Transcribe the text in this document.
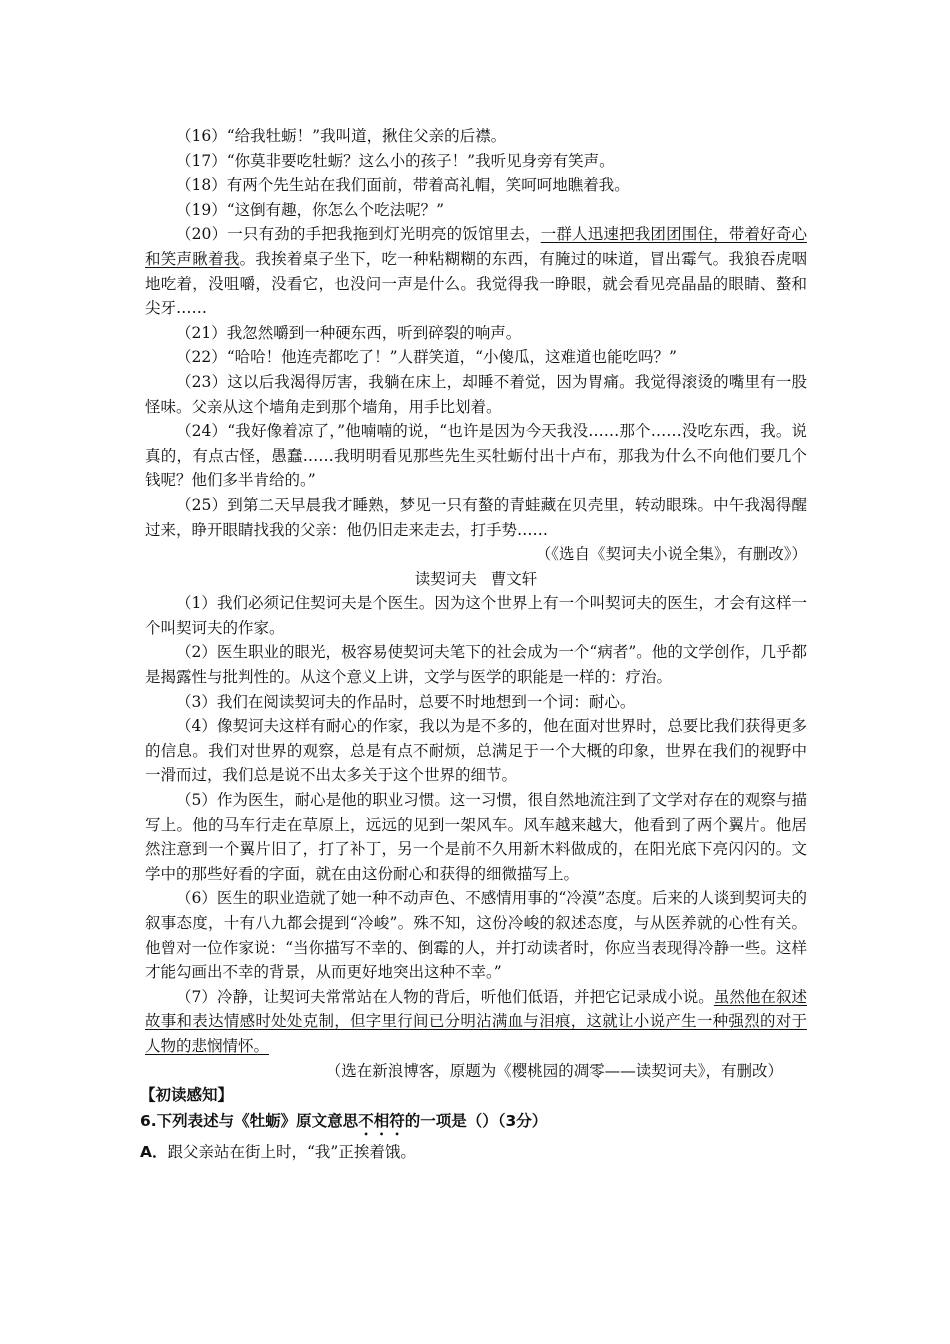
（16）“给我牡蛎！”我叫道，揪住父亲的后襟。

（17）“你莫非要吃牡蛎？这么小的孩子！”我听见身旁有笑声。

（18）有两个先生站在我们面前，带着高礼帽，笑呵呵地瞧着我。

（19）“这倒有趣，你怎么个吃法呢？”

（20）一只有劲的手把我拖到灯光明亮的饭馆里去，一群人迅速把我团团围住，带着好奇心和笑声瞅着我。我挨着桌子坐下，吃一种粘糊糊的东西，有腌过的味道，冒出霉气。我狼吞虎咽地吃着，没咀嚼，没看它，也没问一声是什么。我觉得我一睁眼，就会看见亮晶晶的眼睛、螯和尖牙……

（21）我忽然嚼到一种硬东西，听到碎裂的响声。

（22）“哈哈！他连壳都吃了！”人群笑道，“小傻瓜，这难道也能吃吗？”

（23）这以后我渴得厉害，我躺在床上，却睡不着觉，因为胃痛。我觉得滚烫的嘴里有一股怪味。父亲从这个墙角走到那个墙角，用手比划着。

（24）“我好像着凉了，”他喃喃的说，“也许是因为今天我没……那个……没吃东西，我。说真的，有点古怪，愚蠢……我明明看见那些先生买牡蛎付出十卢布，那我为什么不向他们要几个钱呢？他们多半肯给的。”

（25）到第二天早晨我才睡熟，梦见一只有螯的青蛙藏在贝壳里，转动眼珠。中午我渴得醒过来，睁开眼睛找我的父亲：他仍旧走来走去，打手势……

（《选自《契诃夫小说全集》，有删改》）

读契诃夫 曹文轩

（1）我们必须记住契诃夫是个医生。因为这个世界上有一个叫契诃夫的医生，才会有这样一个叫契诃夫的作家。

（2）医生职业的眼光，极容易使契诃夫笔下的社会成为一个“病者”。他的文学创作，几乎都是揭露性与批判性的。从这个意义上讲，文学与医学的职能是一样的：疗治。

（3）我们在阅读契诃夫的作品时，总要不时地想到一个词：耐心。

（4）像契诃夫这样有耐心的作家，我以为是不多的，他在面对世界时，总要比我们获得更多的信息。我们对世界的观察，总是有点不耐烦，总满足于一个大概的印象，世界在我们的视野中一滑而过，我们总是说不出太多关于这个世界的细节。

（5）作为医生，耐心是他的职业习惯。这一习惯，很自然地流注到了文学对存在的观察与描写上。他的马车行走在草原上，远远的见到一架风车。风车越来越大，他看到了两个翼片。他居然注意到一个翼片旧了，打了补丁，另一个是前不久用新木料做成的，在阳光底下亮闪闪的。文学中的那些好看的字面，就在由这份耐心和获得的细微描写上。

（6）医生的职业造就了她一种不动声色、不感情用事的“冷漠”态度。后来的人谈到契诃夫的叙事态度，十有八九都会提到“冷峻”。殊不知，这份冷峻的叙述态度，与从医养就的心性有关。他曾对一位作家说：“当你描写不幸的、倒霉的人，并打动读者时，你应当表现得冷静一些。这样才能勾画出不幸的背景，从而更好地突出这种不幸。”

（7）冷静，让契诃夫常常站在人物的背后，听他们低语，并把它记录成小说。虽然他在叙述故事和表达情感时处处克制，但字里行间已分明沾满血与泪痕，这就让小说产生一种强烈的对于人物的悲悯情怀。

（选在新浪博客，原题为《樱桃园的凋零——读契诃夫》，有删改）

【初读感知】

6.下列表述与《牡蛎》原文意思不相符的一项是（）（3分）

A．跟父亲站在街上时，“我”正挨着饿。
